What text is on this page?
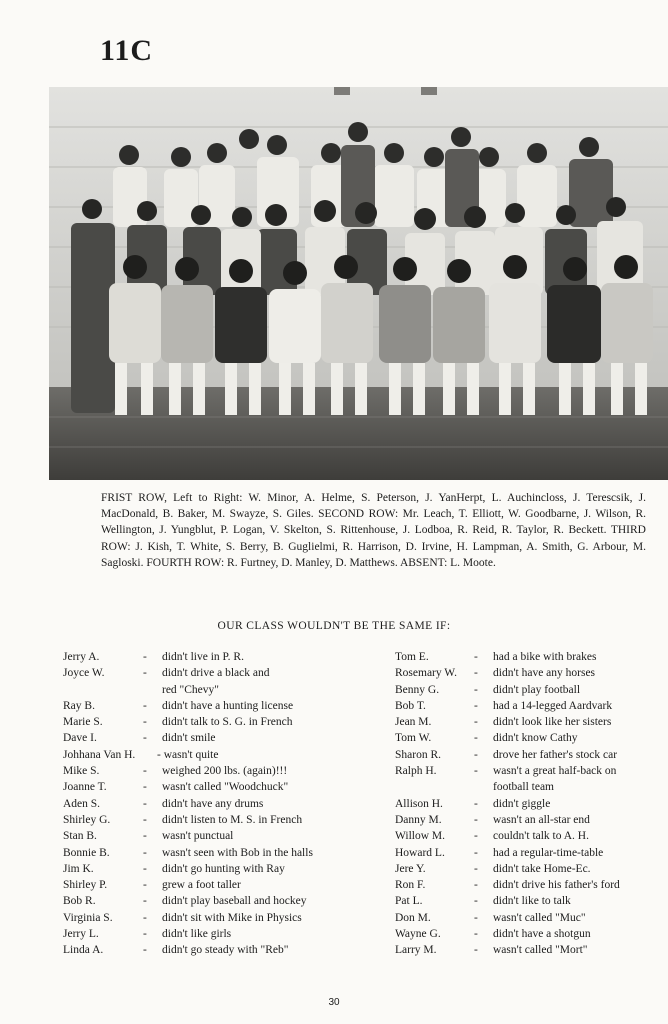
11C
FRIST ROW, Left to Right: W. Minor, A. Helme, S. Peterson, J. YanHerpt, L. Auchincloss, J. Terescsik, J. MacDonald, B. Baker, M. Swayze, S. Giles. SECOND ROW: Mr. Leach, T. Elliott, W. Goodbarne, J. Wilson, R. Wellington, J. Yungblut, P. Logan, V. Skelton, S. Rittenhouse, J. Lodboa, R. Reid, R. Taylor, R. Beckett. THIRD ROW: J. Kish, T. White, S. Berry, B. Guglielmi, R. Harrison, D. Irvine, H. Lampman, A. Smith, G. Arbour, M. Sagloski. FOURTH ROW: R. Furtney, D. Manley, D. Matthews. ABSENT: L. Moote.
OUR CLASS WOULDN'T BE THE SAME IF:
Jerry A.	- didn't live in P. R.
Joyce W.	- didn't drive a black and
red "Chevy"
Ray B.	- didn't have a hunting license
Marie S.	- didn't talk to S. G. in French
Dave I.	- didn't smile
Johhana Van H. - wasn't quite
Mike S.	- weighed 200 lbs. (again)!!!
Joanne T.	- wasn't called "Woodchuck"
Aden S.	- didn't have any drums
Shirley G.	- didn't listen to M. S. in French
Stan B.	- wasn't punctual
Bonnie B.	- wasn't seen with Bob in the halls
Jim K.	- didn't go hunting with Ray
Shirley P.	- grew a foot taller
Bob R.	- didn't play baseball and hockey
Virginia S.	- didn't sit with Mike in Physics
Jerry L.	- didn't like girls
Linda A.	- didn't go steady with "Reb"
Tom E.	- had a bike with brakes
Rosemary W. - didn't have any horses
Benny G.	- didn't play football
Bob T.	- had a 14-legged Aardvark
Jean M.	- didn't look like her sisters
Tom W.	- didn't know Cathy
Sharon R.	- drove her father's stock car
Ralph H.	- wasn't a great half-back on
football team
Allison H.	- didn't giggle
Danny M.	- wasn't an all-star end
Willow M.	- couldn't talk to A. H.
Howard L.	- had a regular-time-table
Jere Y.	- didn't take Home-Ec.
Ron F.	- didn't drive his father's ford
Pat L.	- didn't like to talk
Don M.	- wasn't called "Muc"
Wayne G.	- didn't have a shotgun
Larry M.	- wasn't called "Mort"
30
